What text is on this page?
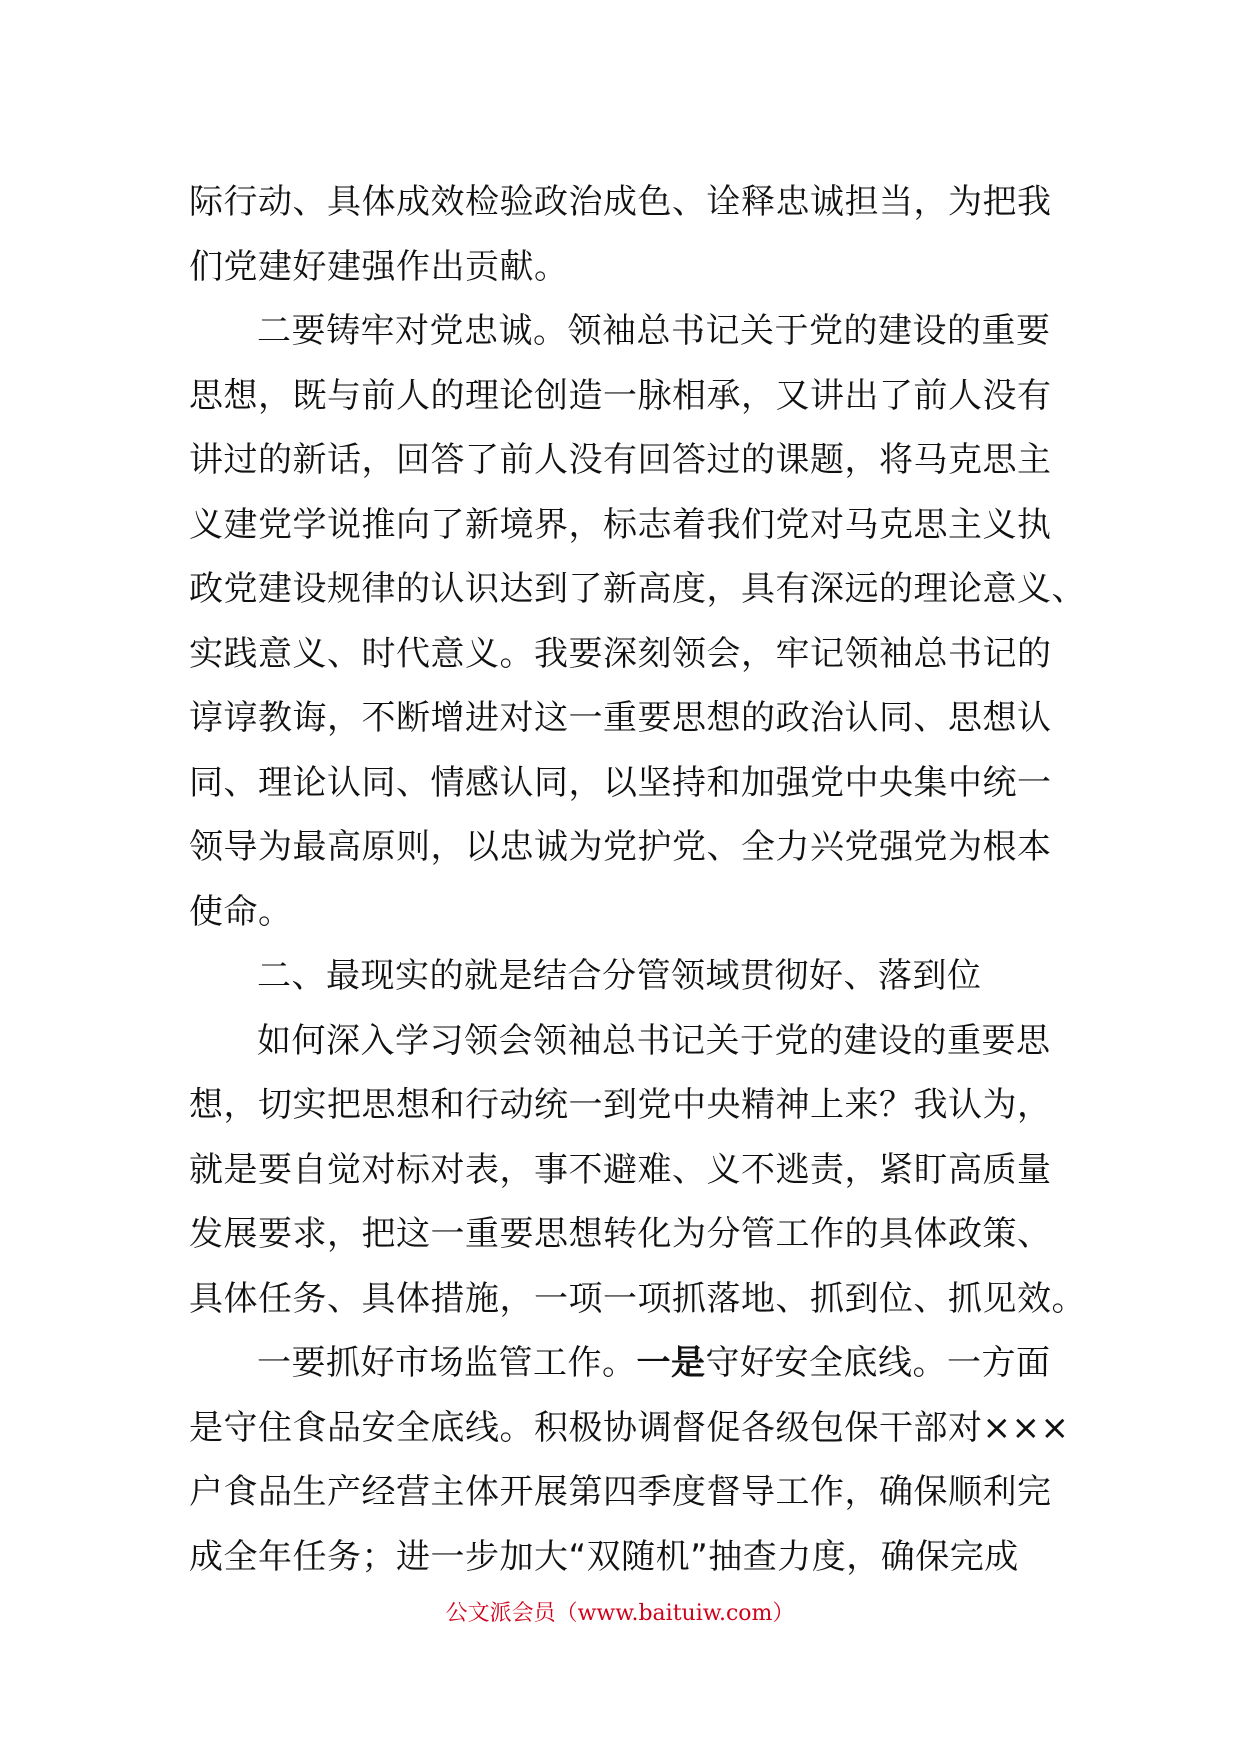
际行动、具体成效检验政治成色、诠释忠诚担当，为把我
们党建好建强作出贡献。
二要铸牢对党忠诚。领袖总书记关于党的建设的重要
思想，既与前人的理论创造一脉相承，又讲出了前人没有
讲过的新话，回答了前人没有回答过的课题，将马克思主
义建党学说推向了新境界，标志着我们党对马克思主义执
政党建设规律的认识达到了新高度，具有深远的理论意义、
实践意义、时代意义。我要深刻领会，牢记领袖总书记的
谆谆教诲，不断增进对这一重要思想的政治认同、思想认
同、理论认同、情感认同，以坚持和加强党中央集中统一
领导为最高原则，以忠诚为党护党、全力兴党强党为根本
使命。
二、最现实的就是结合分管领域贯彻好、落到位
如何深入学习领会领袖总书记关于党的建设的重要思
想，切实把思想和行动统一到党中央精神上来？我认为，
就是要自觉对标对表，事不避难、义不逃责，紧盯高质量
发展要求，把这一重要思想转化为分管工作的具体政策、
具体任务、具体措施，一项一项抓落地、抓到位、抓见效。
一要抓好市场监管工作。一是守好安全底线。一方面
是守住食品安全底线。积极协调督促各级包保干部对×××
户食品生产经营主体开展第四季度督导工作，确保顺利完
成全年任务；进一步加大“双随机”抽查力度，确保完成
公文派会员（www.baituiw.com）
